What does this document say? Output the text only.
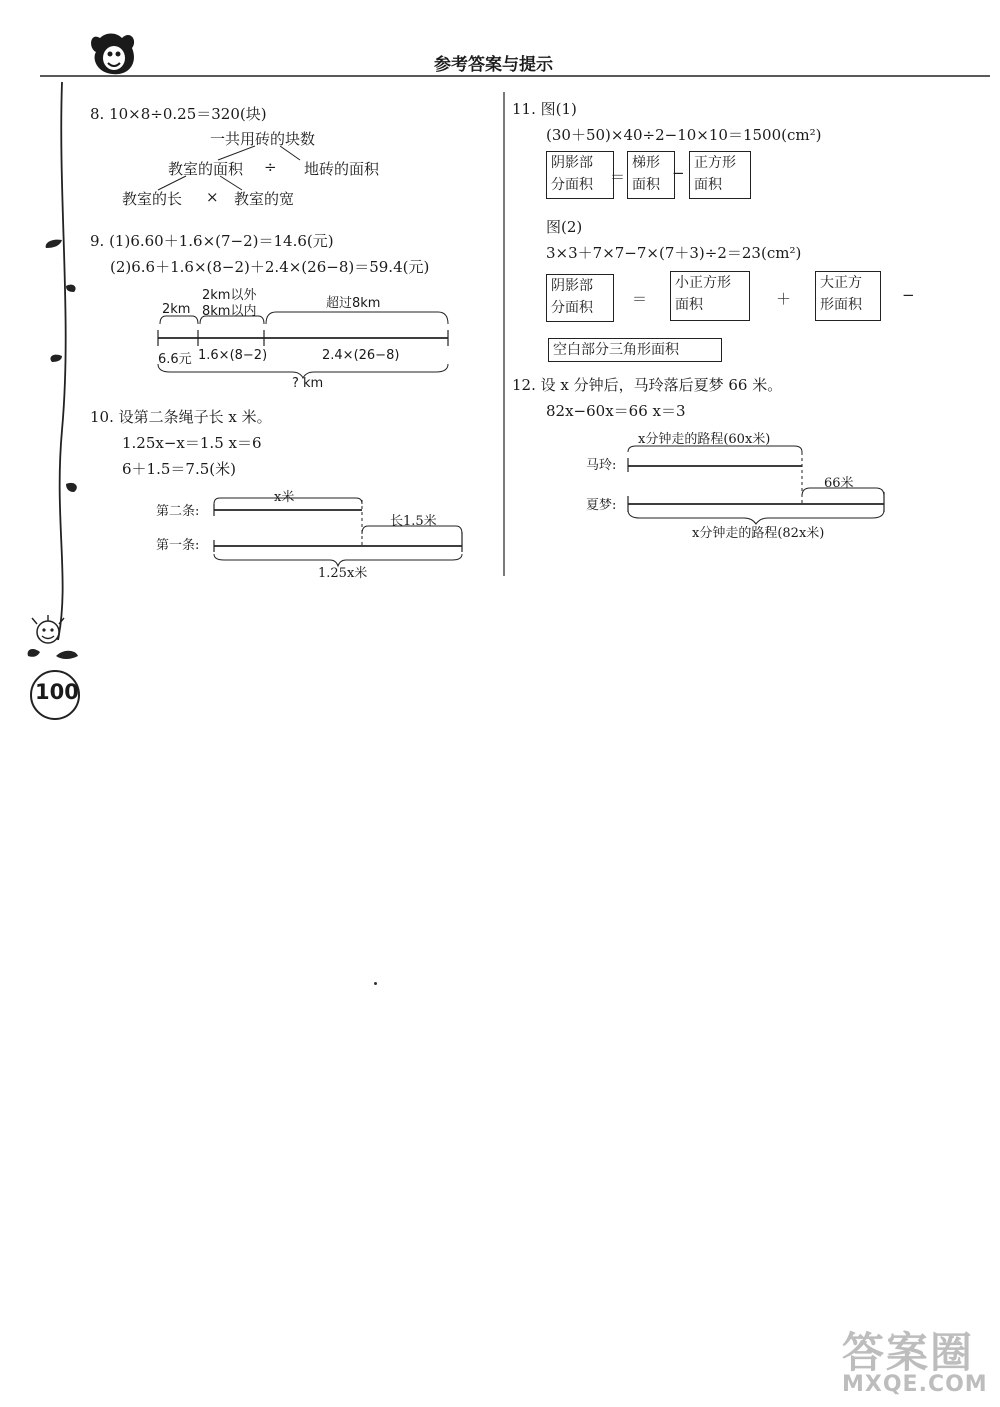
参考答案与提示
8. 10×8÷0.25＝320(块)
一共用砖的块数
教室的面积 ÷ 地砖的面积
教室的长 × 教室的宽
9. (1)6.60＋1.6×(7−2)＝14.6(元)
(2)6.6＋1.6×(8−2)＋2.4×(26−8)＝59.4(元)
2km
2km以外
8km以内
超过8km
6.6元 1.6×(8−2)	2.4×(26−8)
? km
10. 设第二条绳子长 x 米。
1.25x−x＝1.5 x＝6
6＋1.5＝7.5(米)
第二条:
第一条:
x米
长1.5米
1.25x米
11. 图(1)
(30＋50)×40÷2−10×10＝1500(cm²)
阴影部
分面积	＝
梯形
面积
−
正方形
面积
图(2)
3×3＋7×7−7×(7＋3)÷2＝23(cm²)
阴影部
分面积	＝
小正方形
面积	＋
大正方
形面积
−
空白部分三角形面积
12. 设 x 分钟后，马玲落后夏梦 66 米。
82x−60x＝66 x＝3
x分钟走的路程(60x米)
马玲:
夏梦:
66米
x分钟走的路程(82x米)
100
答案圈
MXQE.COM
